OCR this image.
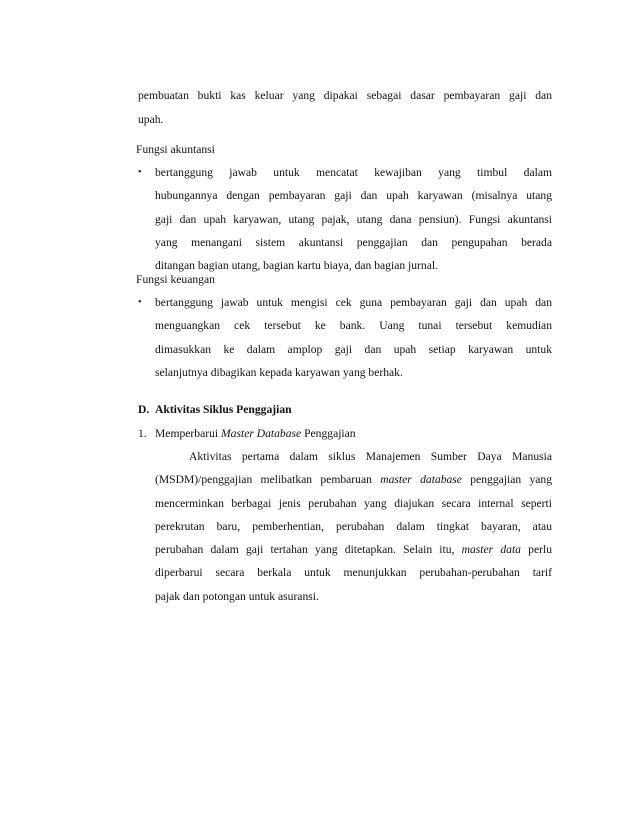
pembuatan bukti kas keluar yang dipakai sebagai dasar pembayaran gaji dan
upah.
Fungsi akuntansi
• bertanggung jawab untuk mencatat kewajiban yang timbul dalam
hubungannya dengan pembayaran gaji dan upah karyawan (misalnya utang
gaji dan upah karyawan, utang pajak, utang dana pensiun). Fungsi akuntansi
yang menangani sistem akuntansi penggajian dan pengupahan berada
ditangan bagian utang, bagian kartu biaya, dan bagian jurnal.
Fungsi keuangan
• bertanggung jawab untuk mengisi cek guna pembayaran gaji dan upah dan
menguangkan cek tersebut ke bank. Uang tunai tersebut kemudian
dimasukkan ke dalam amplop gaji dan upah setiap karyawan untuk
selanjutnya dibagikan kepada karyawan yang berhak.
D. Aktivitas Siklus Penggajian
1. Memperbarui Master Database Penggajian
Aktivitas pertama dalam siklus Manajemen Sumber Daya Manusia
(MSDM)/penggajian melibatkan pembaruan master database penggajian yang
mencerminkan berbagai jenis perubahan yang diajukan secara internal seperti
perekrutan baru, pemberhentian, perubahan dalam tingkat bayaran, atau
perubahan dalam gaji tertahan yang ditetapkan. Selain itu, master data perlu
diperbarui secara berkala untuk menunjukkan perubahan-perubahan tarif
pajak dan potongan untuk asuransi.
